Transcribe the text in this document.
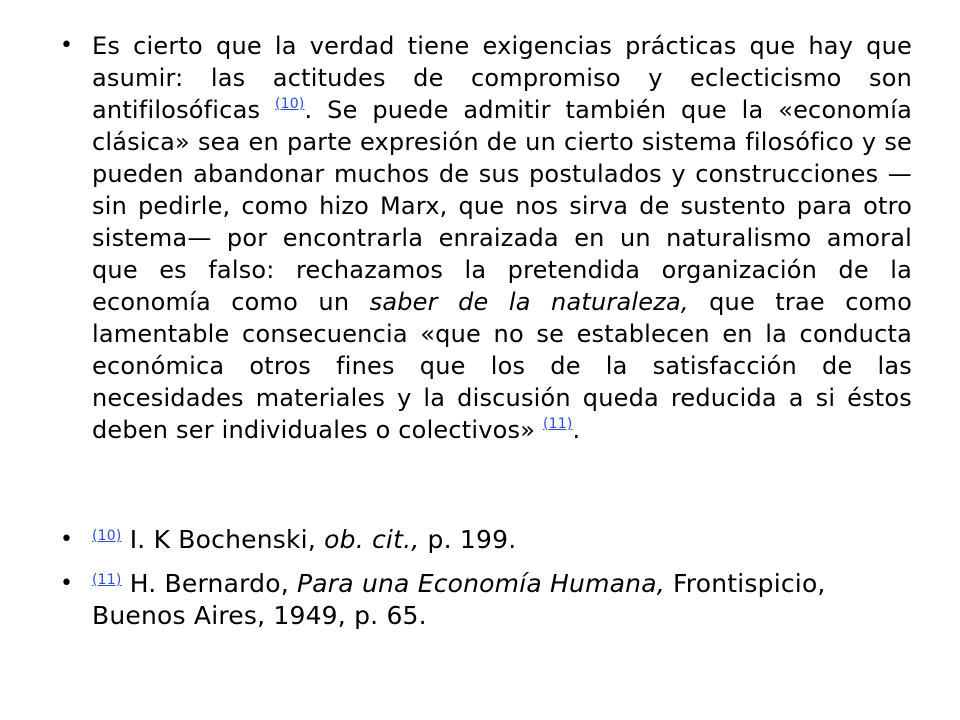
• Es cierto que la verdad tiene exigencias prácticas que hay que asumir: las actitudes de compromiso y eclecticismo son antifilosóficas $^{(10)}$. Se puede admitir también que la «economía clásica» sea en parte expresión de un cierto sistema filosófico y se pueden abandonar muchos de sus postulados y construcciones —sin pedirle, como hizo Marx, que nos sirva de sustento para otro sistema— por encontrarla enraizada en un naturalismo amoral que es falso: rechazamos la pretendida organización de la economía como un saber de la naturaleza, que trae como lamentable consecuencia «que no se establecen en la conducta económica otros fines que los de la satisfacción de las necesidades materiales y la discusión queda reducida a si éstos deben ser individuales o colectivos» $^{(11)}$.
• $^{(10)}$ I. K Bochenski, ob. cit., p. 199.
• $^{(11)}$ H. Bernardo, Para una Economía Humana, Frontispicio, Buenos Aires, 1949, p. 65.
